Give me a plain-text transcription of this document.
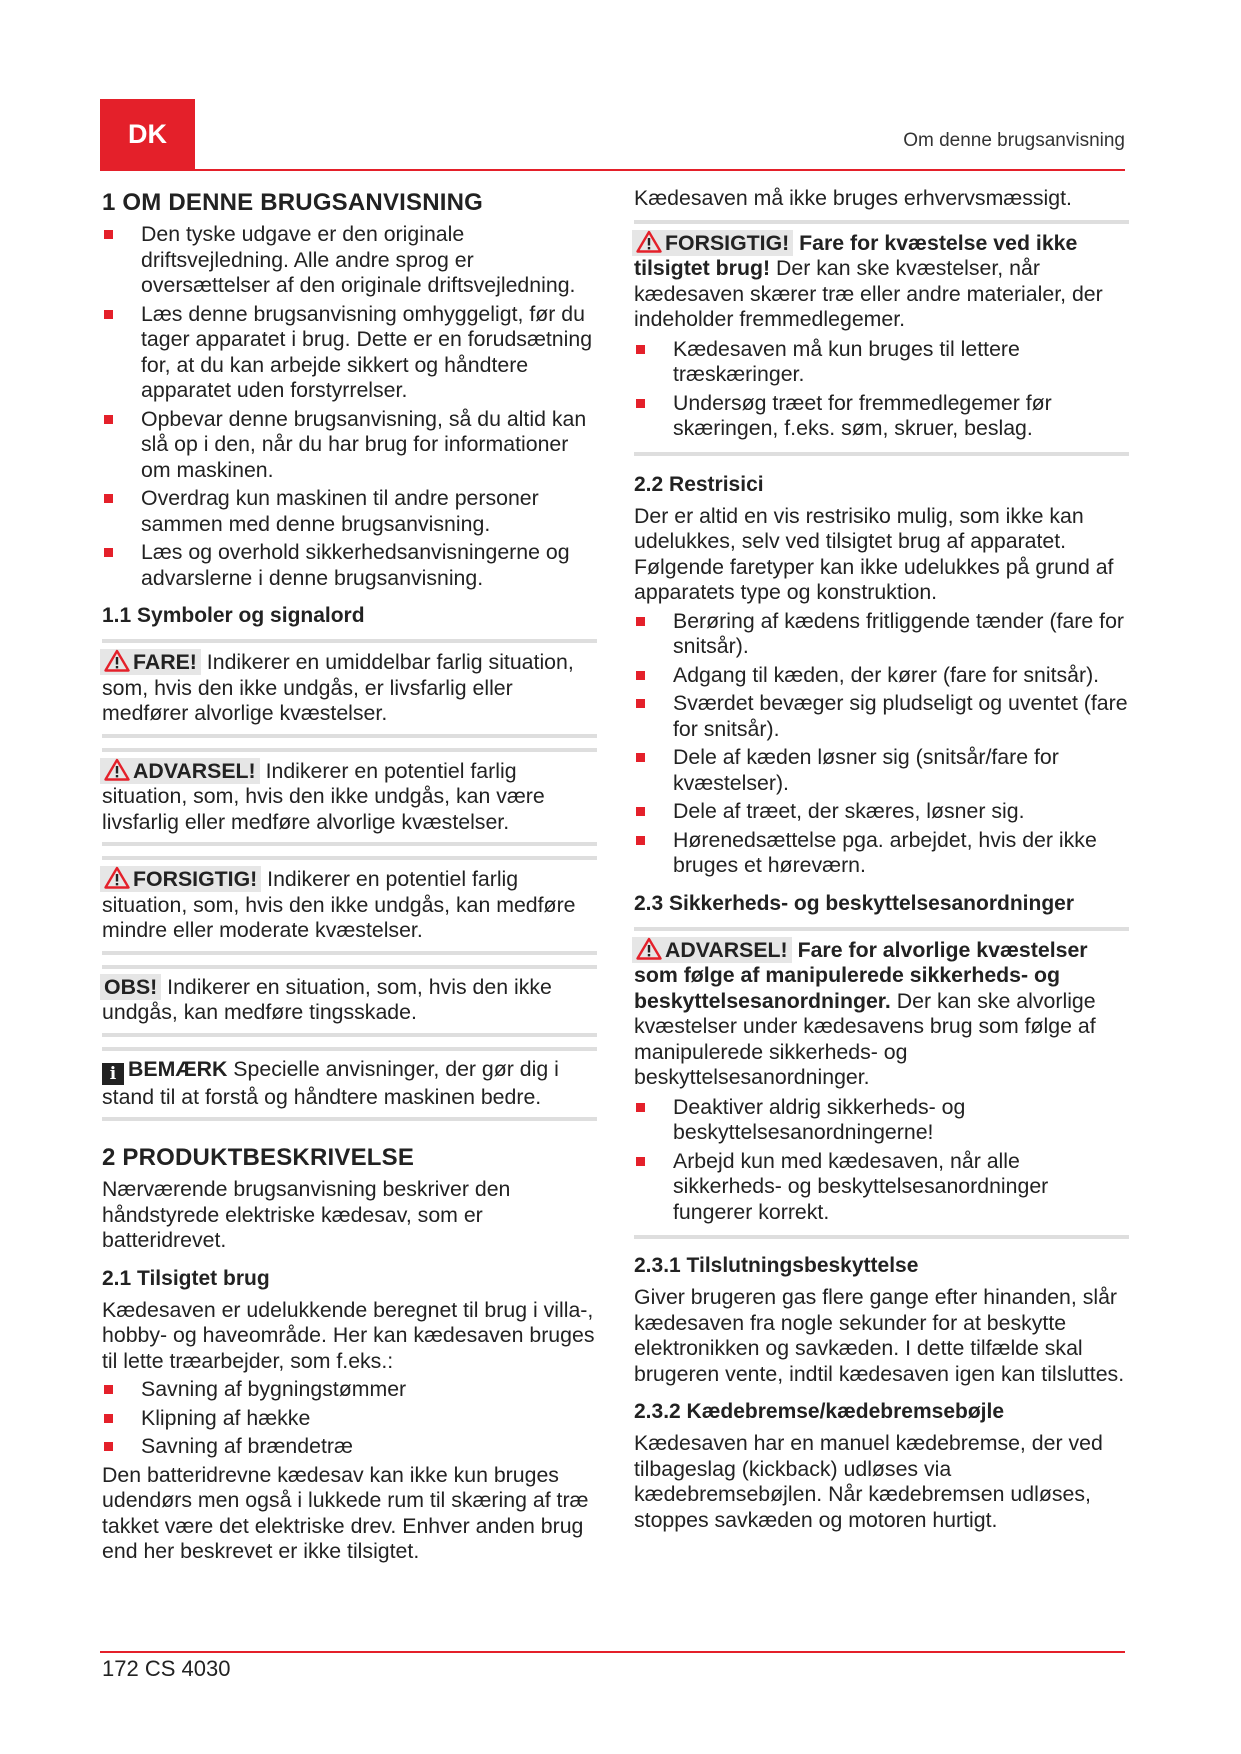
DK	Om denne brugsanvisning
1 OM DENNE BRUGSANVISNING
Den tyske udgave er den originale driftsvejledning. Alle andre sprog er oversættelser af den originale driftsvejledning.
Læs denne brugsanvisning omhyggeligt, før du tager apparatet i brug. Dette er en forudsætning for, at du kan arbejde sikkert og håndtere apparatet uden forstyrrelser.
Opbevar denne brugsanvisning, så du altid kan slå op i den, når du har brug for informationer om maskinen.
Overdrag kun maskinen til andre personer sammen med denne brugsanvisning.
Læs og overhold sikkerhedsanvisningerne og advarslerne i denne brugsanvisning.
1.1 Symboler og signalord
FARE! Indikerer en umiddelbar farlig situation, som, hvis den ikke undgås, er livsfarlig eller medfører alvorlige kvæstelser.
ADVARSEL! Indikerer en potentiel farlig situation, som, hvis den ikke undgås, kan være livsfarlig eller medføre alvorlige kvæstelser.
FORSIGTIG! Indikerer en potentiel farlig situation, som, hvis den ikke undgås, kan medføre mindre eller moderate kvæstelser.
OBS! Indikerer en situation, som, hvis den ikke undgås, kan medføre tingsskade.
i BEMÆRK Specielle anvisninger, der gør dig i stand til at forstå og håndtere maskinen bedre.
2 PRODUKTBESKRIVELSE

Nærværende brugsanvisning beskriver den håndstyrede elektriske kædesav, som er batteridrevet.

2.1 Tilsigtet brug

Kædesaven er udelukkende beregnet til brug i villa-, hobby- og haveområde. Her kan kædesaven bruges til lette træarbejder, som f.eks.:

Savning af bygningstømmer
Klipning af hække
Savning af brændetræ

Den batteridrevne kædesav kan ikke kun bruges udendørs men også i lukkede rum til skæring af træ takket være det elektriske drev. Enhver anden brug end her beskrevet er ikke tilsigtet.

Kædesaven må ikke bruges erhvervsmæssigt.

FORSIGTIG! Fare for kvæstelse ved ikke tilsigtet brug! Der kan ske kvæstelser, når kædesaven skærer træ eller andre materialer, der indeholder fremmedlegemer.
Kædesaven må kun bruges til lettere træskæringer.
Undersøg træet for fremmedlegemer før skæringen, f.eks. søm, skruer, beslag.
2.2 Restrisici

Der er altid en vis restrisiko mulig, som ikke kan udelukkes, selv ved tilsigtet brug af apparatet. Følgende faretyper kan ikke udelukkes på grund af apparatets type og konstruktion.

Berøring af kædens fritliggende tænder (fare for snitsår).
Adgang til kæden, der kører (fare for snitsår).
Sværdet bevæger sig pludseligt og uventet (fare for snitsår).
Dele af kæden løsner sig (snitsår/fare for kvæstelser).
Dele af træet, der skæres, løsner sig.
Hørenedsættelse pga. arbejdet, hvis der ikke bruges et høreværn.
2.3 Sikkerheds- og beskyttelsesanordninger
ADVARSEL! Fare for alvorlige kvæstelser som følge af manipulerede sikkerheds- og beskyttelsesanordninger. Der kan ske alvorlige kvæstelser under kædesavens brug som følge af manipulerede sikkerheds- og beskyttelsesanordninger.
Deaktiver aldrig sikkerheds- og beskyttelsesanordningerne!
Arbejd kun med kædesaven, når alle sikkerheds- og beskyttelsesanordninger fungerer korrekt.
2.3.1 Tilslutningsbeskyttelse

Giver brugeren gas flere gange efter hinanden, slår kædesaven fra nogle sekunder for at beskytte elektronikken og savkæden. I dette tilfælde skal brugeren vente, indtil kædesaven igen kan tilsluttes.

2.3.2 Kædebremse/kædebremsebøjle

Kædesaven har en manuel kædebremse, der ved tilbageslag (kickback) udløses via kædebremsebøjlen. Når kædebremsen udløses, stoppes savkæden og motoren hurtigt.

172 CS 4030
